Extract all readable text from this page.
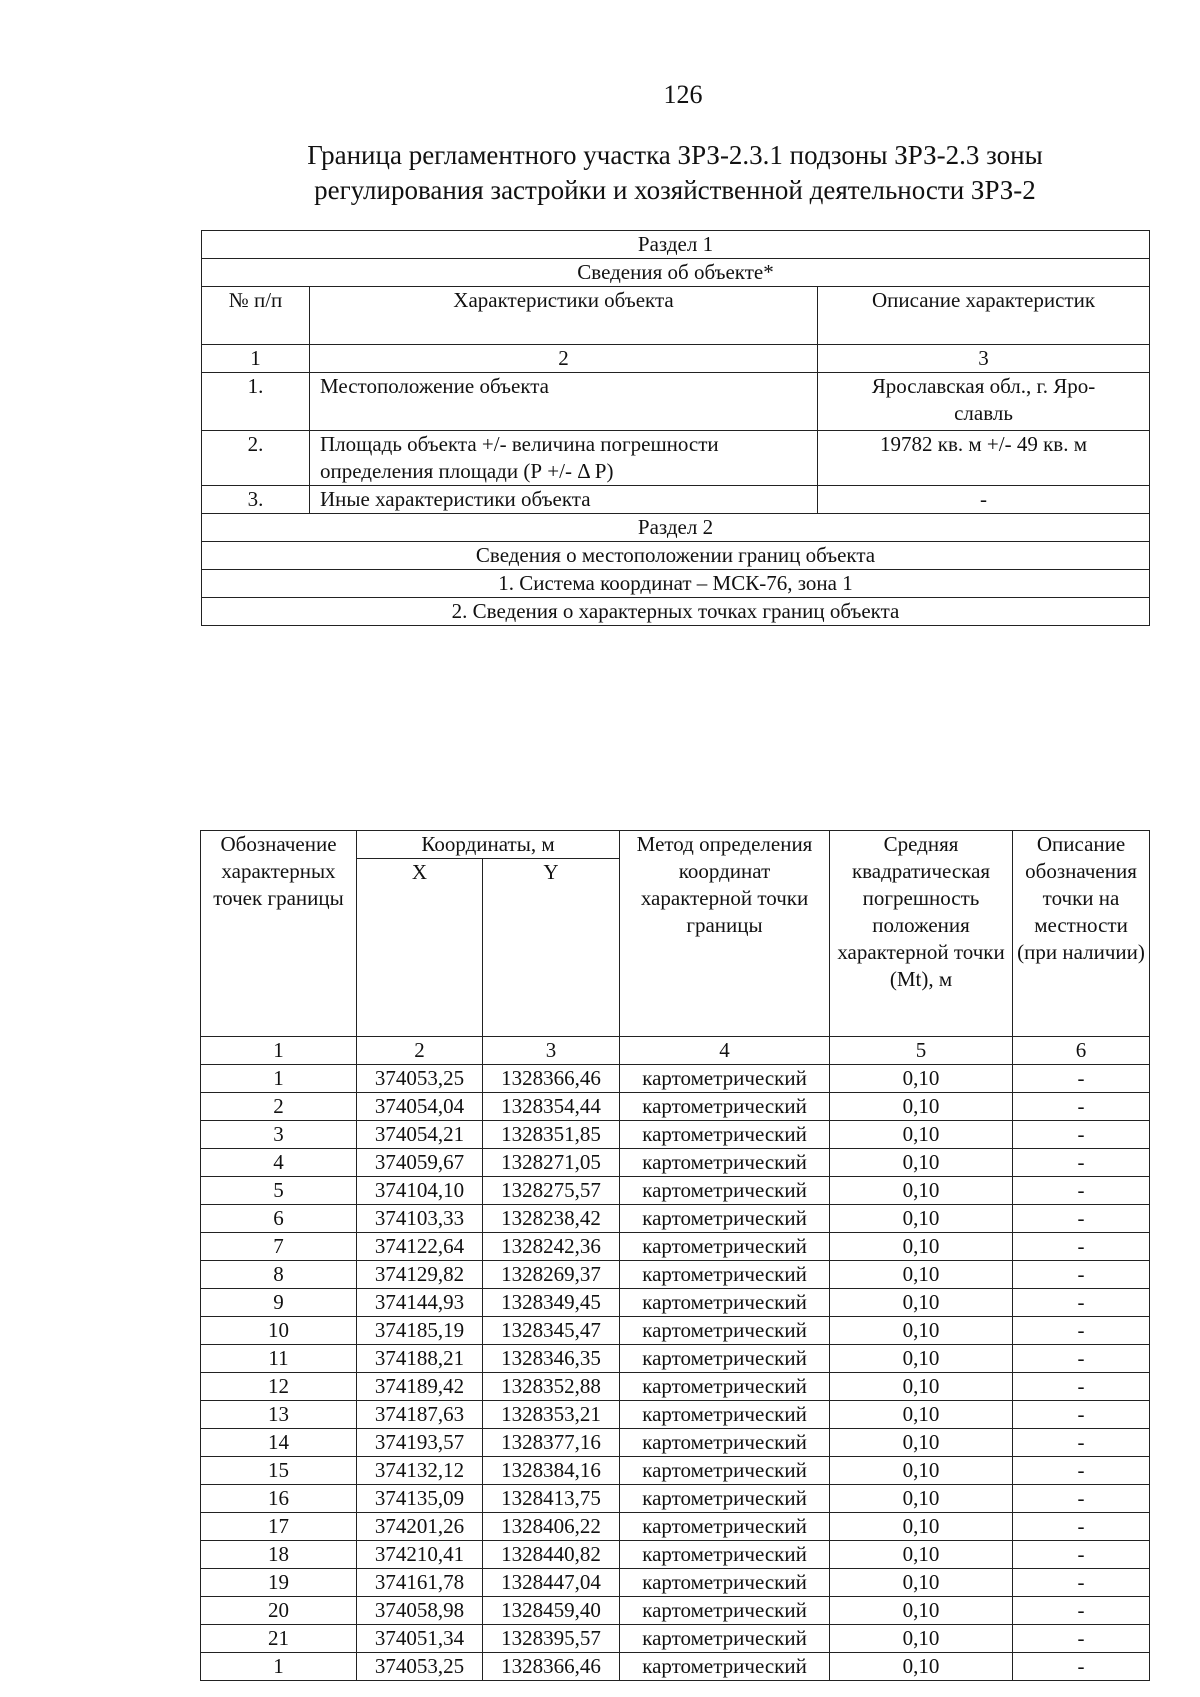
126
Граница регламентного участка ЗРЗ-2.3.1 подзоны ЗРЗ-2.3 зоны
регулирования застройки и хозяйственной деятельности ЗРЗ-2
Раздел 1		
Сведения об объекте*		
№ п/п	Характеристики объекта	Описание характеристик
1	2	3
1.	Местоположение объекта	Ярославская обл., г. Яро-
славль

2.	Площадь объекта +/- величина погрешности определения площади (Р +/- Δ Р)	19782 кв. м +/- 49 кв. м
3.	Иные характеристики объекта	-
Раздел 2		
Сведения о местоположении границ объекта		
1. Система координат – МСК-76, зона 1		
2. Сведения о характерных точках границ объекта		
Обозначение характерных точек границы	Координаты, м		Метод определения координат характерной точки границы	Средняя квадратическая погрешность положения характерной точки (Mt), м	Описание обозначения точки на местности (при наличии)
	X	Y			
1	2	3	4	5	6
1	374053,25	1328366,46	картометрический	0,10	-
2	374054,04	1328354,44	картометрический	0,10	-
3	374054,21	1328351,85	картометрический	0,10	-
4	374059,67	1328271,05	картометрический	0,10	-
5	374104,10	1328275,57	картометрический	0,10	-
6	374103,33	1328238,42	картометрический	0,10	-
7	374122,64	1328242,36	картометрический	0,10	-
8	374129,82	1328269,37	картометрический	0,10	-
9	374144,93	1328349,45	картометрический	0,10	-
10	374185,19	1328345,47	картометрический	0,10	-
11	374188,21	1328346,35	картометрический	0,10	-
12	374189,42	1328352,88	картометрический	0,10	-
13	374187,63	1328353,21	картометрический	0,10	-
14	374193,57	1328377,16	картометрический	0,10	-
15	374132,12	1328384,16	картометрический	0,10	-
16	374135,09	1328413,75	картометрический	0,10	-
17	374201,26	1328406,22	картометрический	0,10	-
18	374210,41	1328440,82	картометрический	0,10	-
19	374161,78	1328447,04	картометрический	0,10	-
20	374058,98	1328459,40	картометрический	0,10	-
21	374051,34	1328395,57	картометрический	0,10	-
1	374053,25	1328366,46	картометрический	0,10	-
